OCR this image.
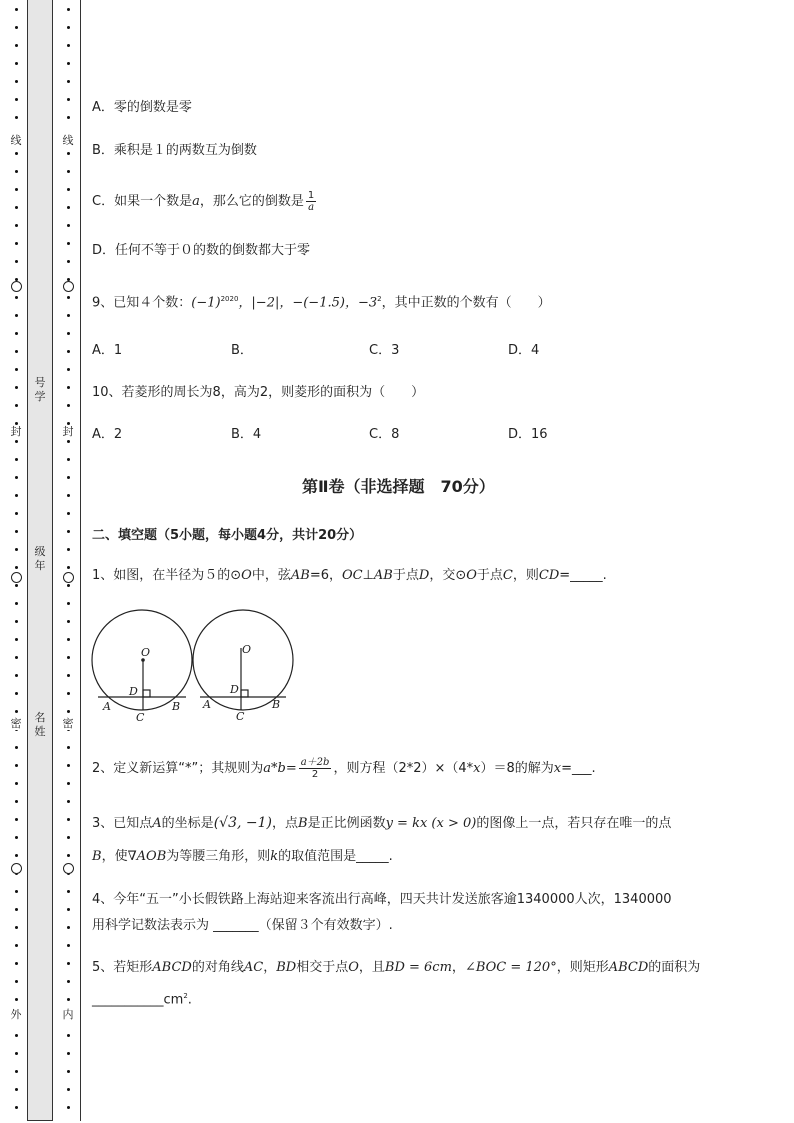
线
封
密
外
线
封
密
内
号学
级年
名姓
A．零的倒数是零
B．乘积是１的两数互为倒数
C．如果一个数是a，那么它的倒数是 $\frac{1}{a}$
D．任何不等于０的数的倒数都大于零
9、已知４个数：$(-1)^{2020}$，|−2|，−(−1.5)，$-3^2$，其中正数的个数有（　　）
A．1	B．	C．3	D．4
10、若菱形的周长为8，高为2，则菱形的面积为（　　）
A．2	B．4	C．8	D．16
第Ⅱ卷（非选择题　70分）
二、填空题（5小题，每小题4分，共计20分）
1、如图，在半径为５的⊙O中，弦AB=6，OC⊥AB于点D，交⊙O于点C，则CD=_____.
O
D
A
C
B
O
D
A
C
B
2、定义新运算“*”；其规则为$a*b= \frac{a+2b}{2}$ ，则方程（2*2）×（4*x）＝8的解为x=___.
3、已知点A的坐标是(√3, −1)，点B是正比例函数y = kx (x > 0)的图像上一点，若只存在唯一的点
B，使∇AOB为等腰三角形，则k的取值范围是_____.
4、今年“五一”小长假铁路上海站迎来客流出行高峰，四天共计发送旅客逾1340000人次，1340000
用科学记数法表示为 _______（保留３个有效数字）.
5、若矩形ABCD的对角线AC，BD相交于点O，且BD = 6cm，∠BOC = 120°，则矩形ABCD的面积为
$\_\_\_\_\_\_\_\_\_\_\_cm^2$.
